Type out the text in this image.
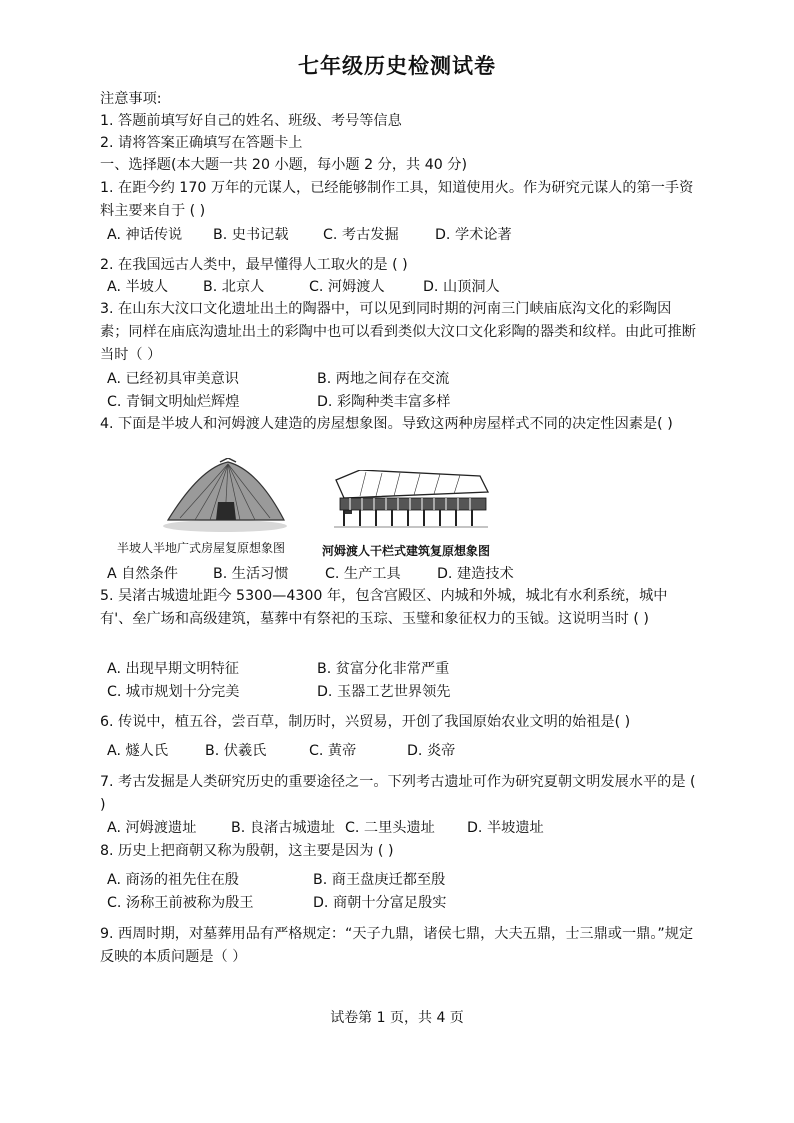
七年级历史检测试卷
注意事项:
1. 答题前填写好自己的姓名、班级、考号等信息
2. 请将答案正确填写在答题卡上
一、选择题(本大题一共 20 小题，每小题 2 分，共 40 分)
1. 在距今约 170 万年的元谋人，已经能够制作工具，知道使用火。作为研究元谋人的第一手资料主要来自于 ( )
A. 神话传说 B. 史书记载 C. 考古发掘	D. 学术论著
2. 在我国远古人类中，最早懂得人工取火的是 ( )
A. 半坡人 B. 北京人	C. 河姆渡人	D. 山顶洞人
3. 在山东大汶口文化遗址出土的陶器中，可以见到同时期的河南三门峡庙底沟文化的彩陶因素；同样在庙底沟遗址出土的彩陶中也可以看到类似大汶口文化彩陶的器类和纹样。由此可推断当时（ ）
A. 已经初具审美意识	B. 两地之间存在交流
C. 青铜文明灿烂辉煌	D. 彩陶种类丰富多样
4. 下面是半坡人和河姆渡人建造的房屋想象图。导致这两种房屋样式不同的决定性因素是( )
半坡人半地广式房屋复原想象图	河姆渡人干栏式建筑复原想象图
A 自然条件 B. 生活习惯	C. 生产工具	D. 建造技术
5. 吴渚古城遗址距今 5300—4300 年，包含宫殿区、内城和外城，城北有水利系统，城中有'、垒广场和高级建筑，墓葬中有祭祀的玉琮、玉璧和象征权力的玉钺。这说明当时 ( )
A. 出现早期文明特征	B. 贫富分化非常严重
C. 城市规划十分完美	D. 玉器工艺世界领先
6. 传说中，植五谷，尝百草，制历时，兴贸易，开创了我国原始农业文明的始祖是( )
A. 燧人氏	B. 伏羲氏	C. 黄帝	D. 炎帝
7. 考古发掘是人类研究历史的重要途径之一。下列考古遗址可作为研究夏朝文明发展水平的是 ( )
A. 河姆渡遗址 B. 良渚古城遗址 C. 二里头遗址 D. 半坡遗址
8. 历史上把商朝又称为殷朝，这主要是因为 ( )
A. 商汤的祖先住在殷	B. 商王盘庚迁都至殷
C. 汤称王前被称为殷王	D. 商朝十分富足殷实
9. 西周时期，对墓葬用品有严格规定：“天子九鼎，诸侯七鼎，大夫五鼎，士三鼎或一鼎。”规定反映的本质问题是（ ）
试卷第 1 页，共 4 页
